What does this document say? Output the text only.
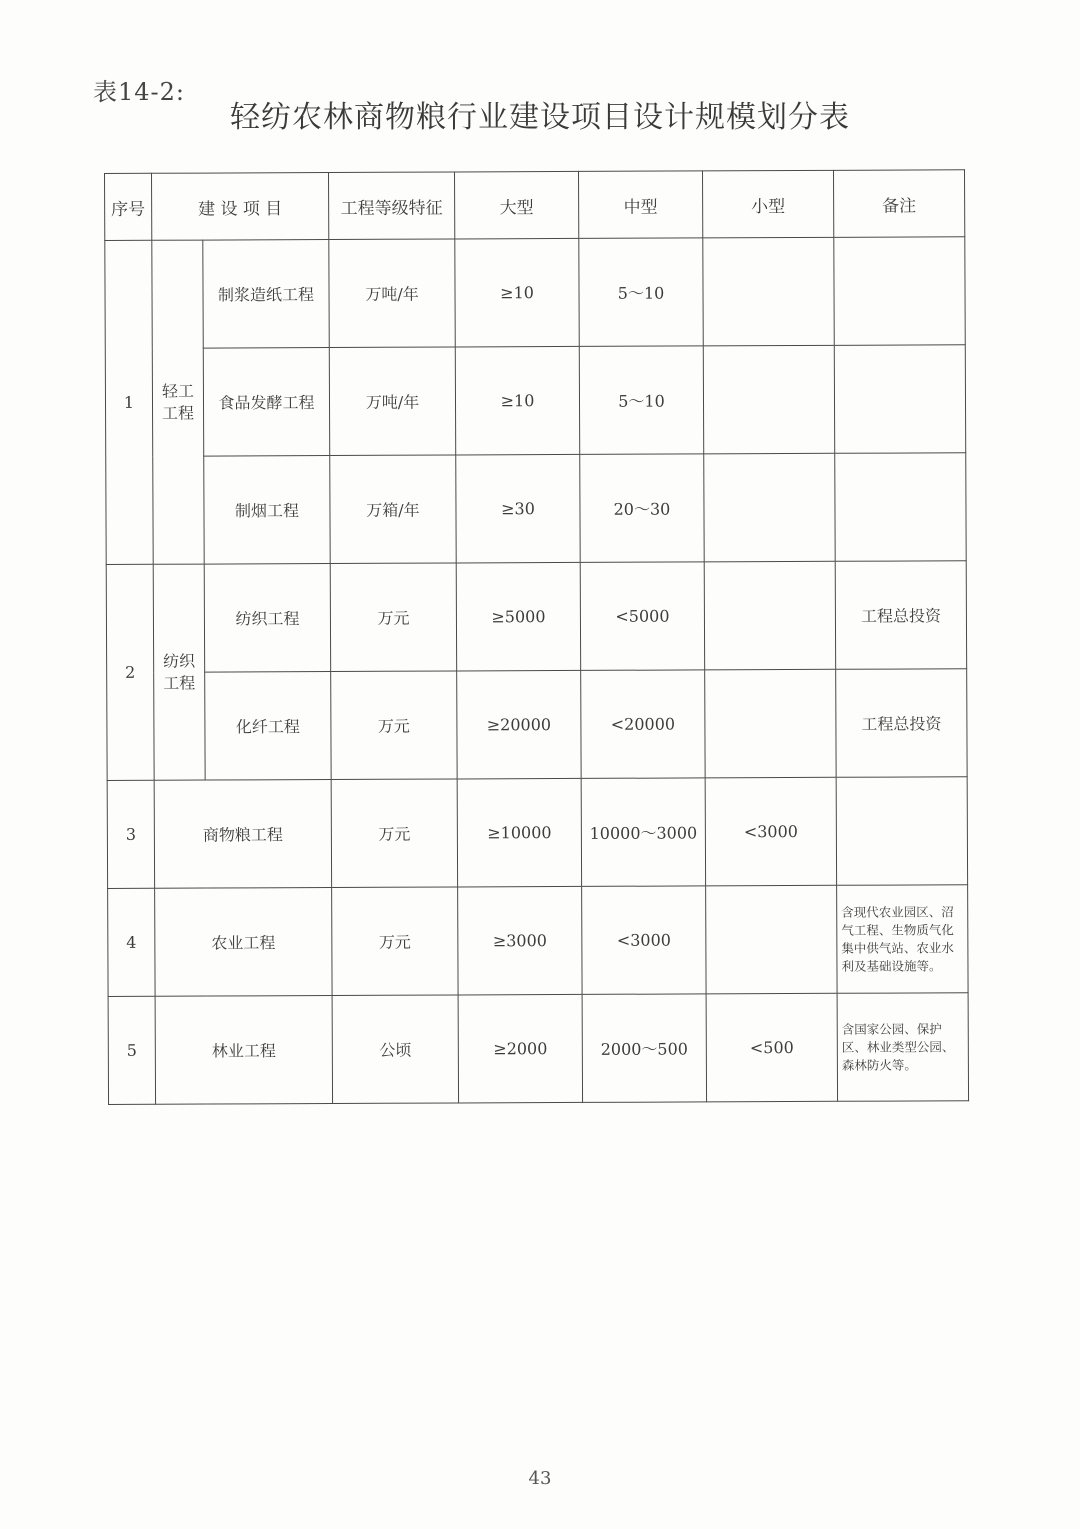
表14-2:
轻纺农林商物粮行业建设项目设计规模划分表
序号	建 设 项 目		工程等级特征	大型	中型	小型	备注
1	轻工工程	制浆造纸工程	万吨/年	≥10	5～10		
		食品发酵工程	万吨/年	≥10	5～10		
		制烟工程	万箱/年	≥30	20～30		
2	纺织工程	纺织工程	万元	≥5000	<5000		工程总投资
		化纤工程	万元	≥20000	<20000		工程总投资
3	商物粮工程		万元	≥10000	10000～3000	<3000	
4	农业工程		万元	≥3000	<3000		含现代农业园区、沼气工程、生物质气化集中供气站、农业水利及基础设施等。
5	林业工程		公顷	≥2000	2000～500	<500	含国家公园、保护区、林业类型公园、森林防火等。
43
